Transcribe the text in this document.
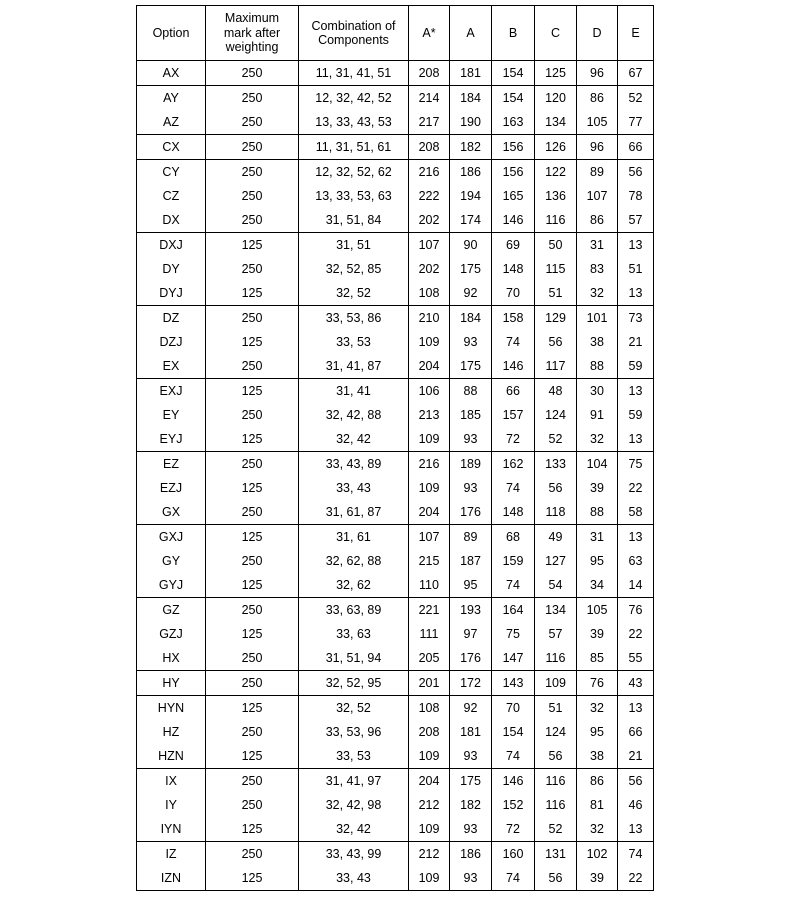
Option	Maximum mark after weighting	Combination of Components	A*	A	B	C	D	E
AX	250	11, 31, 41, 51	208	181	154	125	96	67
AY	250	12, 32, 42, 52	214	184	154	120	86	52
AZ	250	13, 33, 43, 53	217	190	163	134	105	77
CX	250	11, 31, 51, 61	208	182	156	126	96	66
CY	250	12, 32, 52, 62	216	186	156	122	89	56
CZ	250	13, 33, 53, 63	222	194	165	136	107	78
DX	250	31, 51, 84	202	174	146	116	86	57
DXJ	125	31, 51	107	90	69	50	31	13
DY	250	32, 52, 85	202	175	148	115	83	51
DYJ	125	32, 52	108	92	70	51	32	13
DZ	250	33, 53, 86	210	184	158	129	101	73
DZJ	125	33, 53	109	93	74	56	38	21
EX	250	31, 41, 87	204	175	146	117	88	59
EXJ	125	31, 41	106	88	66	48	30	13
EY	250	32, 42, 88	213	185	157	124	91	59
EYJ	125	32, 42	109	93	72	52	32	13
EZ	250	33, 43, 89	216	189	162	133	104	75
EZJ	125	33, 43	109	93	74	56	39	22
GX	250	31, 61, 87	204	176	148	118	88	58
GXJ	125	31, 61	107	89	68	49	31	13
GY	250	32, 62, 88	215	187	159	127	95	63
GYJ	125	32, 62	110	95	74	54	34	14
GZ	250	33, 63, 89	221	193	164	134	105	76
GZJ	125	33, 63	111	97	75	57	39	22
HX	250	31, 51, 94	205	176	147	116	85	55
HY	250	32, 52, 95	201	172	143	109	76	43
HYN	125	32, 52	108	92	70	51	32	13
HZ	250	33, 53, 96	208	181	154	124	95	66
HZN	125	33, 53	109	93	74	56	38	21
IX	250	31, 41, 97	204	175	146	116	86	56
IY	250	32, 42, 98	212	182	152	116	81	46
IYN	125	32, 42	109	93	72	52	32	13
IZ	250	33, 43, 99	212	186	160	131	102	74
IZN	125	33, 43	109	93	74	56	39	22
